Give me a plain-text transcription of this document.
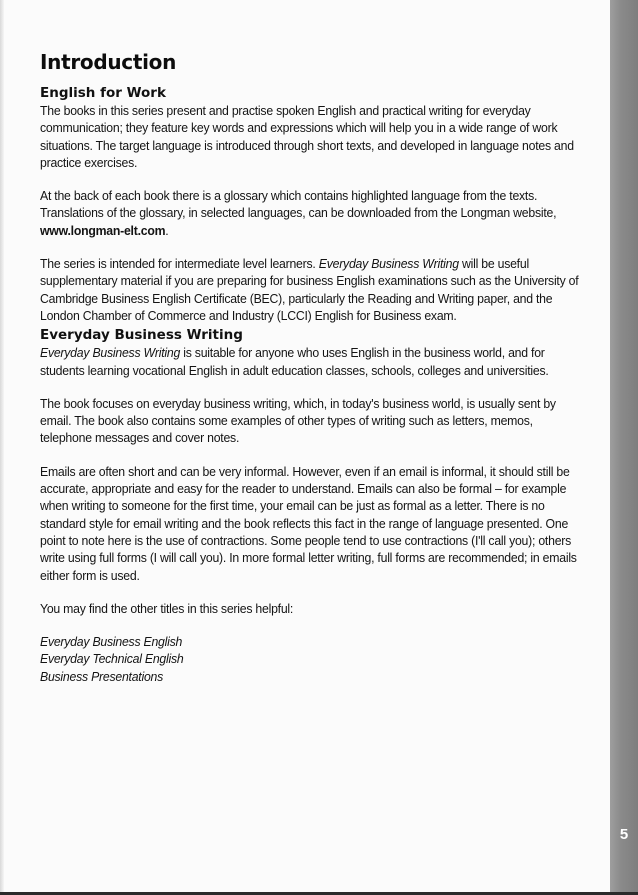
5
Introduction
English for Work

The books in this series present and practise spoken English and practical writing for everyday communication; they feature key words and expressions which will help you in a wide range of work situations. The target language is introduced through short texts, and developed in language notes and practice exercises.

At the back of each book there is a glossary which contains highlighted language from the texts. Translations of the glossary, in selected languages, can be downloaded from the Longman website, www.longman-elt.com.

The series is intended for intermediate level learners. Everyday Business Writing will be useful supplementary material if you are preparing for business English examinations such as the University of Cambridge Business English Certificate (BEC), particularly the Reading and Writing paper, and the London Chamber of Commerce and Industry (LCCI) English for Business exam.

Everyday Business Writing

Everyday Business Writing is suitable for anyone who uses English in the business world, and for students learning vocational English in adult education classes, schools, colleges and universities.

The book focuses on everyday business writing, which, in today's business world, is usually sent by email. The book also contains some examples of other types of writing such as letters, memos, telephone messages and cover notes.

Emails are often short and can be very informal. However, even if an email is informal, it should still be accurate, appropriate and easy for the reader to understand. Emails can also be formal – for example when writing to someone for the first time, your email can be just as formal as a letter. There is no standard style for email writing and the book reflects this fact in the range of language presented. One point to note here is the use of contractions. Some people tend to use contractions (I'll call you); others write using full forms (I will call you). In more formal letter writing, full forms are recommended; in emails either form is used.

You may find the other titles in this series helpful:

Everyday Business English

Everyday Technical English

Business Presentations
